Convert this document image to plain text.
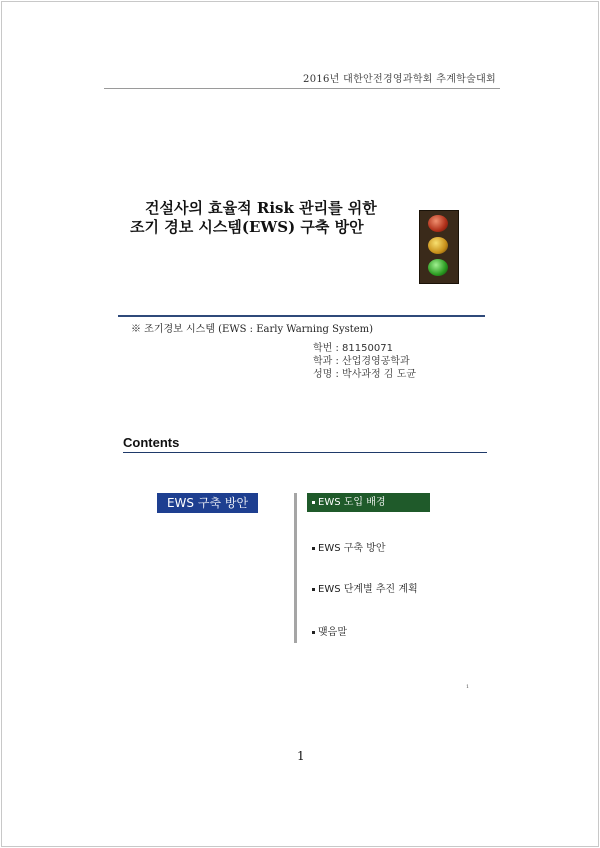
2016년 대한안전경영과학회 추계학술대회
건설사의 효율적 Risk 관리를 위한
조기 경보 시스템(EWS) 구축 방안
※ 조기경보 시스템 (EWS : Early Warning System)
학번 : 81150071
학과 : 산업경영공학과
성명 : 박사과정 김 도균
Contents
EWS 구축 방안	EWS 도입 배경
EWS 구축 방안
EWS 단계별 추진 계획
맺음말
1
1
